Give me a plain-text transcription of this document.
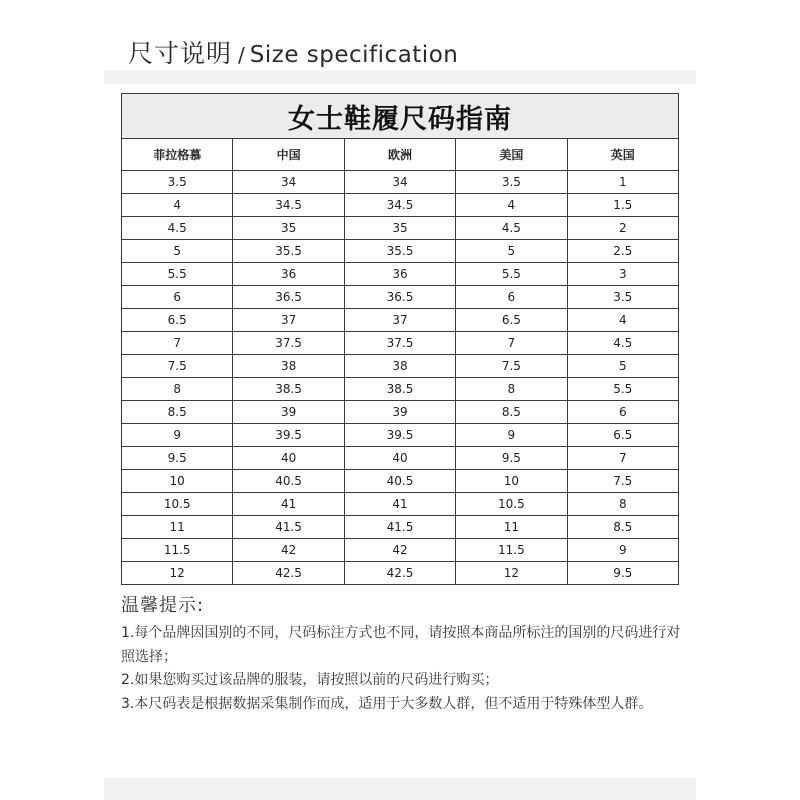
尺寸说明 / Size specification
女士鞋履尺码指南				
菲拉格慕	中国	欧洲	美国	英国
3.5	34	34	3.5	1
4	34.5	34.5	4	1.5
4.5	35	35	4.5	2
5	35.5	35.5	5	2.5
5.5	36	36	5.5	3
6	36.5	36.5	6	3.5
6.5	37	37	6.5	4
7	37.5	37.5	7	4.5
7.5	38	38	7.5	5
8	38.5	38.5	8	5.5
8.5	39	39	8.5	6
9	39.5	39.5	9	6.5
9.5	40	40	9.5	7
10	40.5	40.5	10	7.5
10.5	41	41	10.5	8
11	41.5	41.5	11	8.5
11.5	42	42	11.5	9
12	42.5	42.5	12	9.5
温馨提示:
1.每个品牌因国别的不同，尺码标注方式也不同，请按照本商品所标注的国别的尺码进行对照选择；
2.如果您购买过该品牌的服装，请按照以前的尺码进行购买；
3.本尺码表是根据数据采集制作而成，适用于大多数人群，但不适用于特殊体型人群。
